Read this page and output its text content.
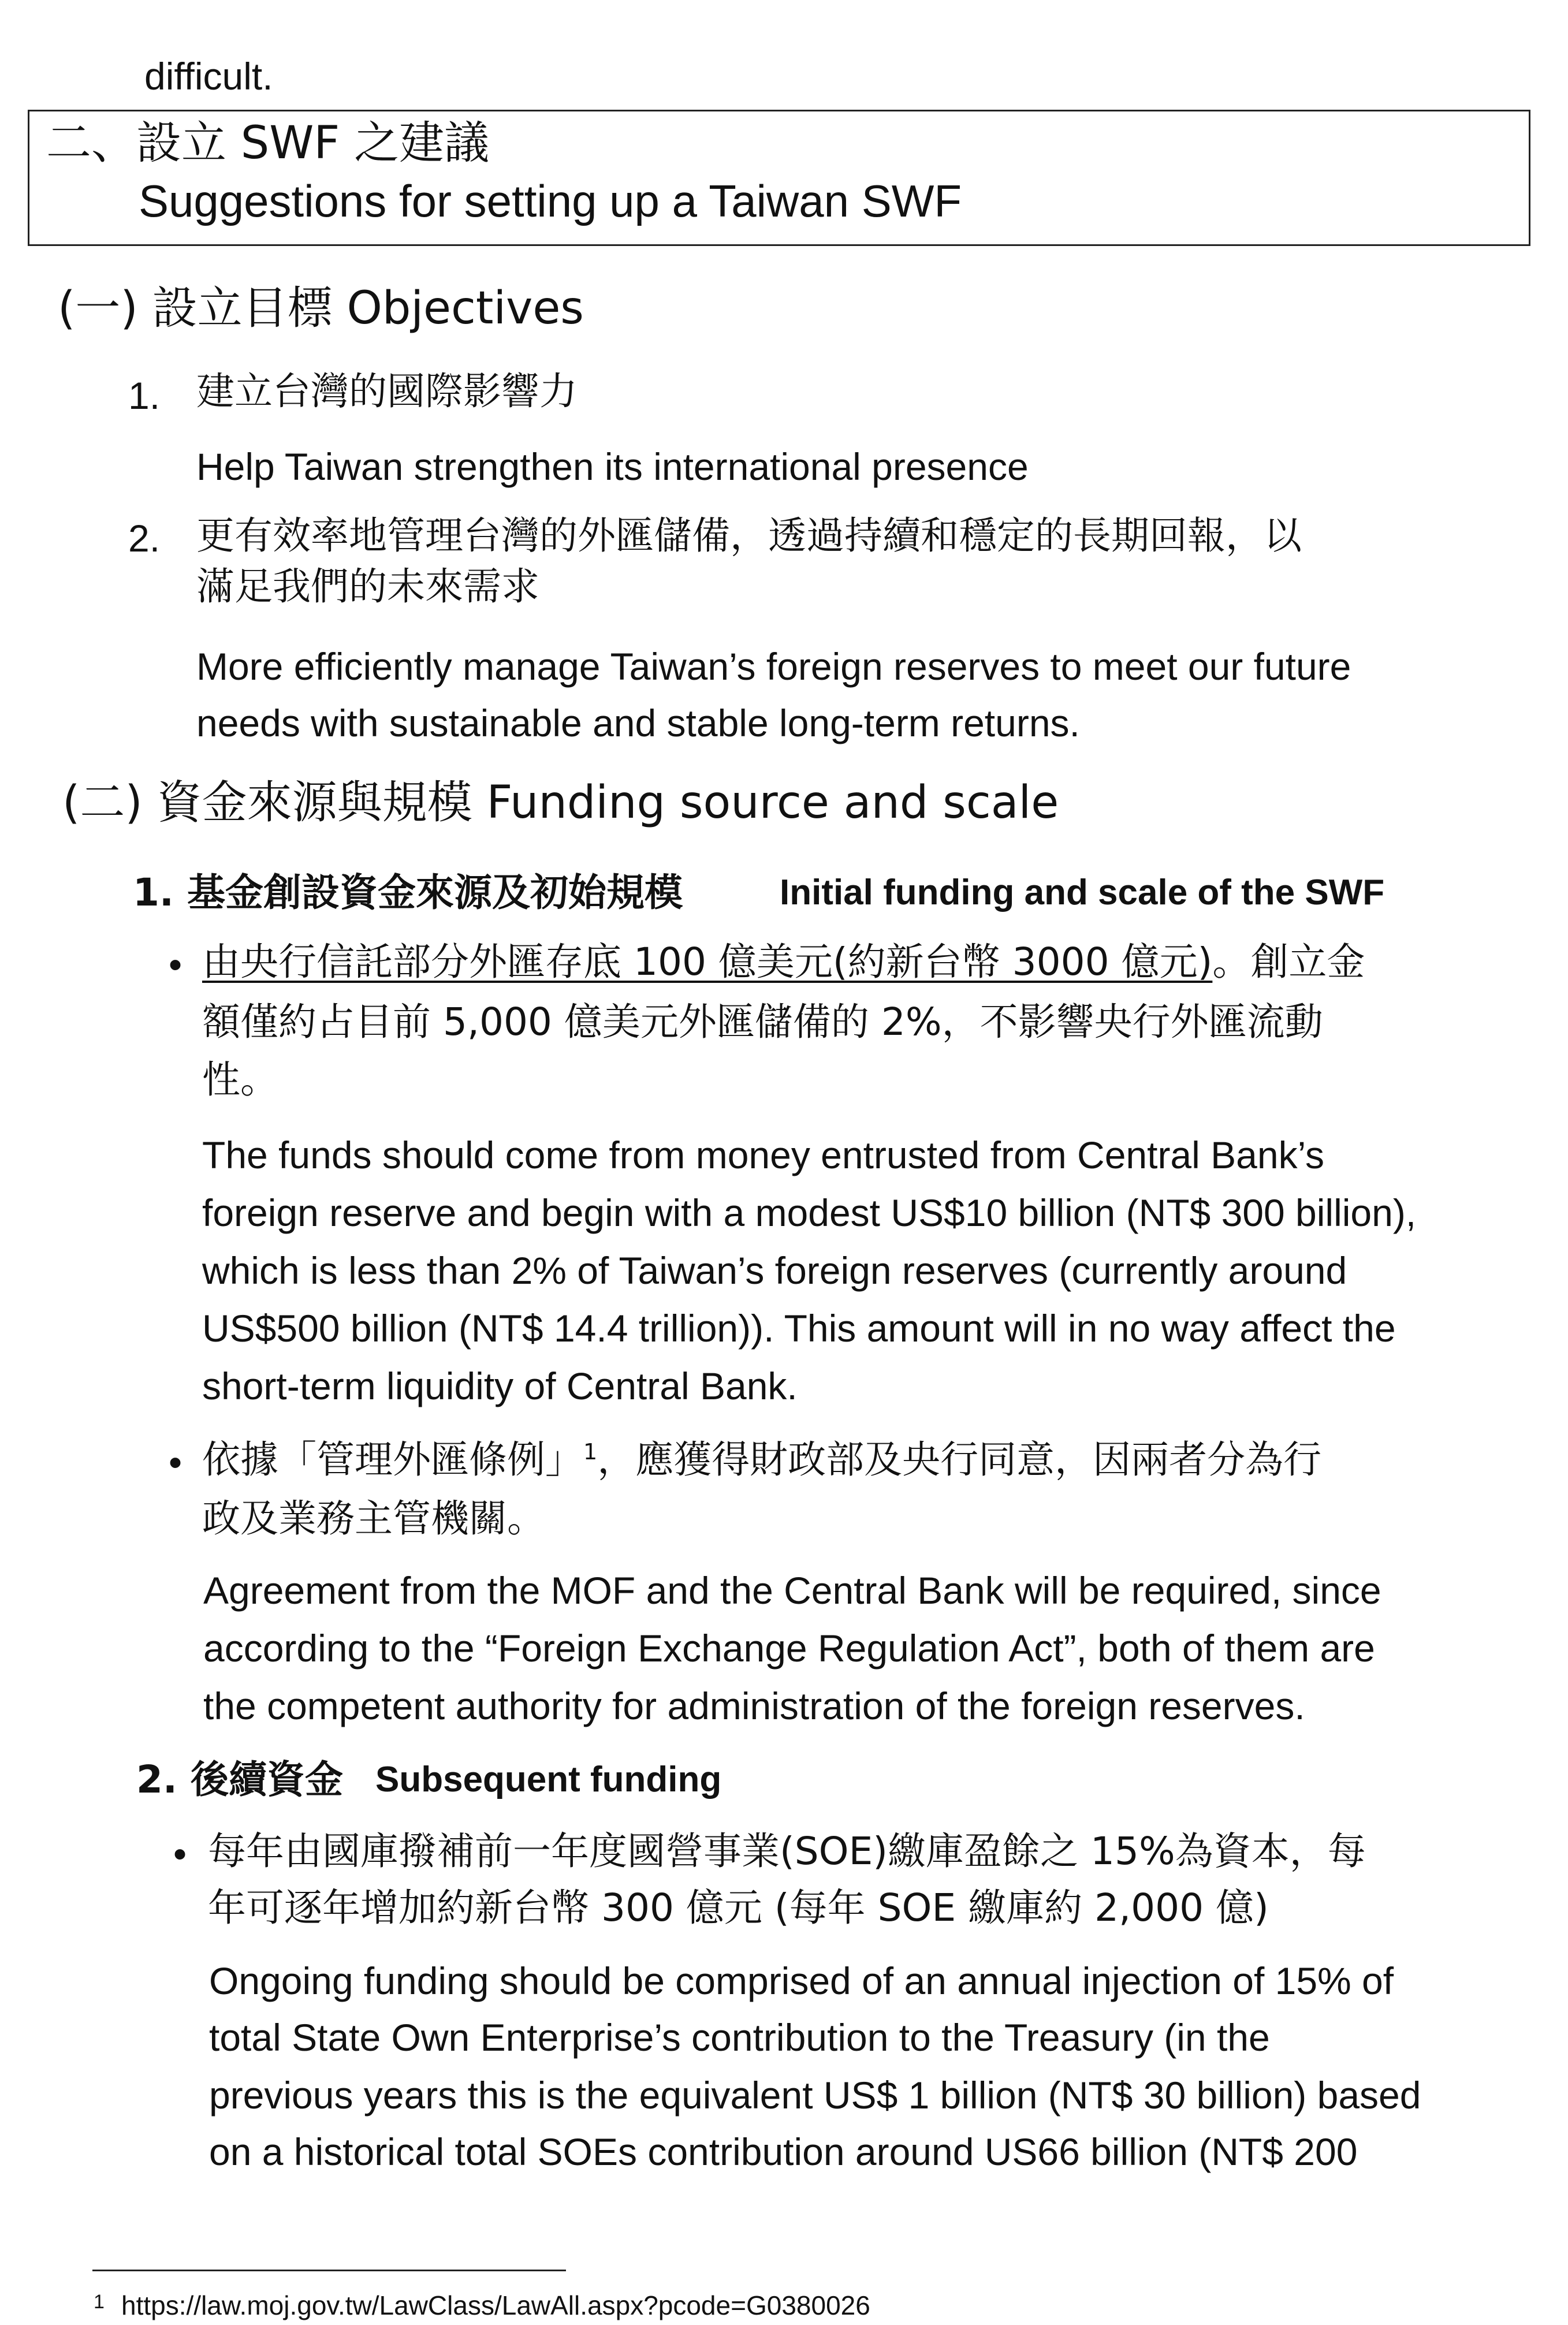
difficult.
二、設立 SWF 之建議
Suggestions for setting up a Taiwan SWF
(一) 設立目標 Objectives
1. 建立台灣的國際影響力
Help Taiwan strengthen its international presence
2. 更有效率地管理台灣的外匯儲備，透過持續和穩定的長期回報，以
滿足我們的未來需求
More efficiently manage Taiwan’s foreign reserves to meet our future
needs with sustainable and stable long-term returns.
(二) 資金來源與規模 Funding source and scale
1. 基金創設資金來源及初始規模	Initial funding and scale of the SWF
• 由央行信託部分外匯存底 100 億美元(約新台幣 3000 億元)。創立金
額僅約占目前 5,000 億美元外匯儲備的 2%，不影響央行外匯流動
性。
The funds should come from money entrusted from Central Bank’s
foreign reserve and begin with a modest US$10 billion (NT$ 300 billion),
which is less than 2% of Taiwan’s foreign reserves (currently around
US$500 billion (NT$ 14.4 trillion)). This amount will in no way affect the
short-term liquidity of Central Bank.
• 依據「管理外匯條例」$^1$，應獲得財政部及央行同意，因兩者分為行
政及業務主管機關。
Agreement from the MOF and the Central Bank will be required, since
according to the “Foreign Exchange Regulation Act”, both of them are
the competent authority for administration of the foreign reserves.
2. 後續資金 Subsequent funding
• 每年由國庫撥補前一年度國營事業(SOE)繳庫盈餘之 15%為資本，每
年可逐年增加約新台幣 300 億元 (每年 SOE 繳庫約 2,000 億)
Ongoing funding should be comprised of an annual injection of 15% of
total State Own Enterprise’s contribution to the Treasury (in the
previous years this is the equivalent US$ 1 billion (NT$ 30 billion) based
on a historical total SOEs contribution around US66 billion (NT$ 200
1 https://law.moj.gov.tw/LawClass/LawAll.aspx?pcode=G0380026
